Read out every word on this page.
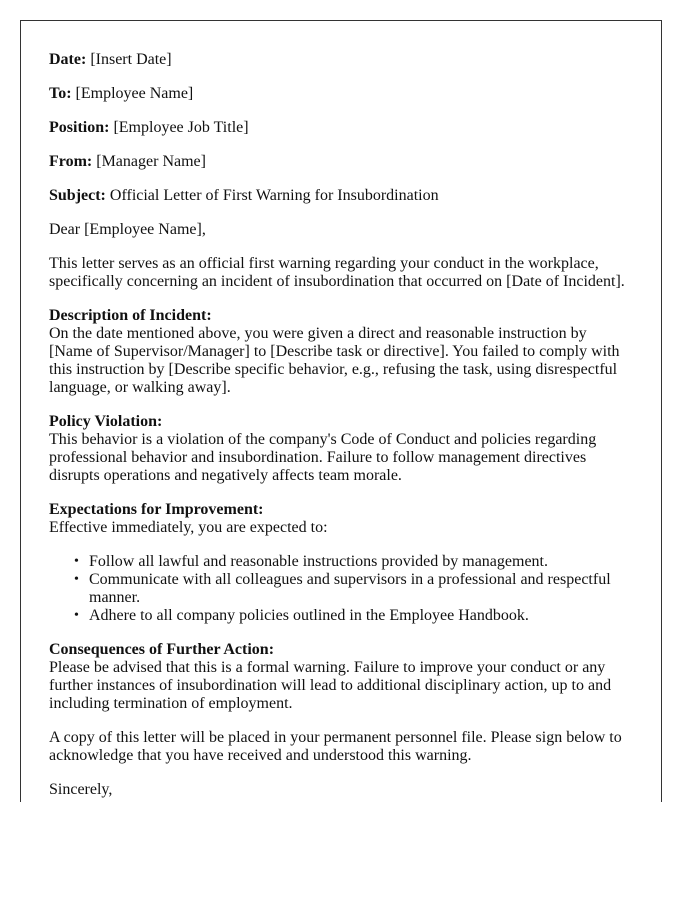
Date: [Insert Date]

To: [Employee Name]

Position: [Employee Job Title]

From: [Manager Name]

Subject: Official Letter of First Warning for Insubordination

Dear [Employee Name],

This letter serves as an official first warning regarding your conduct in the workplace, specifically concerning an incident of insubordination that occurred on [Date of Incident].

Description of Incident:
On the date mentioned above, you were given a direct and reasonable instruction by [Name of Supervisor/Manager] to [Describe task or directive]. You failed to comply with this instruction by [Describe specific behavior, e.g., refusing the task, using disrespectful language, or walking away].

Policy Violation:
This behavior is a violation of the company's Code of Conduct and policies regarding professional behavior and insubordination. Failure to follow management directives disrupts operations and negatively affects team morale.

Expectations for Improvement:
Effective immediately, you are expected to:

• Follow all lawful and reasonable instructions provided by management.
• Communicate with all colleagues and supervisors in a professional and respectful manner.
• Adhere to all company policies outlined in the Employee Handbook.

Consequences of Further Action:
Please be advised that this is a formal warning. Failure to improve your conduct or any further instances of insubordination will lead to additional disciplinary action, up to and including termination of employment.

A copy of this letter will be placed in your permanent personnel file. Please sign below to acknowledge that you have received and understood this warning.

Sincerely,
